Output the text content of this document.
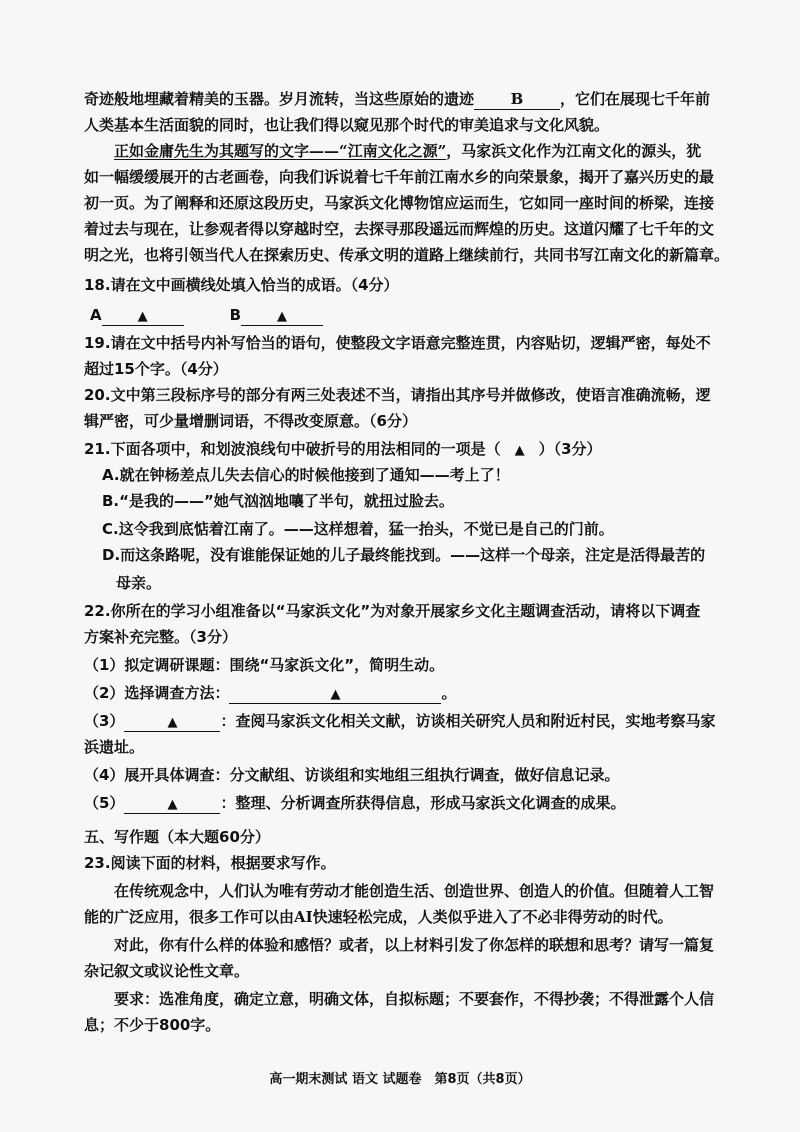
奇迹般地埋藏着精美的玉器。岁月流转，当这些原始的遗迹 B ，它们在展现七千年前
人类基本生活面貌的同时，也让我们得以窥见那个时代的审美追求与文化风貌。
正如金庸先生为其题写的文字——“江南文化之源”，马家浜文化作为江南文化的源头，犹
如一幅缓缓展开的古老画卷，向我们诉说着七千年前江南水乡的向荣景象，揭开了嘉兴历史的最
初一页。为了阐释和还原这段历史，马家浜文化博物馆应运而生，它如同一座时间的桥梁，连接
着过去与现在，让参观者得以穿越时空，去探寻那段遥远而辉煌的历史。这道闪耀了七千年的文
明之光，也将引领当代人在探索历史、传承文明的道路上继续前行，共同书写江南文化的新篇章。
18.请在文中画横线处填入恰当的成语。（4分）
A	▲	B	▲
19.请在文中括号内补写恰当的语句，使整段文字语意完整连贯，内容贴切，逻辑严密，每处不
超过15个字。（4分）
20.文中第三段标序号的部分有两三处表述不当，请指出其序号并做修改，使语言准确流畅，逻
辑严密，可少量增删词语，不得改变原意。（6分）
21.下面各项中，和划波浪线句中破折号的用法相同的一项是（ ▲ ）（3分）
A.就在钟杨差点儿失去信心的时候他接到了通知——考上了！
B.“是我的——”她气汹汹地嚷了半句，就扭过脸去。
C.这令我到底惦着江南了。——这样想着，猛一抬头，不觉已是自己的门前。
D.而这条路呢，没有谁能保证她的儿子最终能找到。——这样一个母亲，注定是活得最苦的
母亲。
22.你所在的学习小组准备以“马家浜文化”为对象开展家乡文化主题调查活动，请将以下调查
方案补充完整。（3分）
（1）拟定调研课题：围绕“马家浜文化”，简明生动。
（2）选择调查方法：	▲	。
（3）	▲	：查阅马家浜文化相关文献，访谈相关研究人员和附近村民，实地考察马家
浜遗址。
（4）展开具体调查：分文献组、访谈组和实地组三组执行调查，做好信息记录。
（5）	▲	：整理、分析调查所获得信息，形成马家浜文化调查的成果。
五、写作题（本大题60分）
23.阅读下面的材料，根据要求写作。
在传统观念中，人们认为唯有劳动才能创造生活、创造世界、创造人的价值。但随着人工智
能的广泛应用，很多工作可以由AI快速轻松完成，人类似乎进入了不必非得劳动的时代。
对此，你有什么样的体验和感悟？或者，以上材料引发了你怎样的联想和思考？请写一篇复
杂记叙文或议论性文章。
要求：选准角度，确定立意，明确文体，自拟标题；不要套作，不得抄袭；不得泄露个人信
息；不少于800字。
高一期末测试 语文 试题卷　第8页（共8页）
